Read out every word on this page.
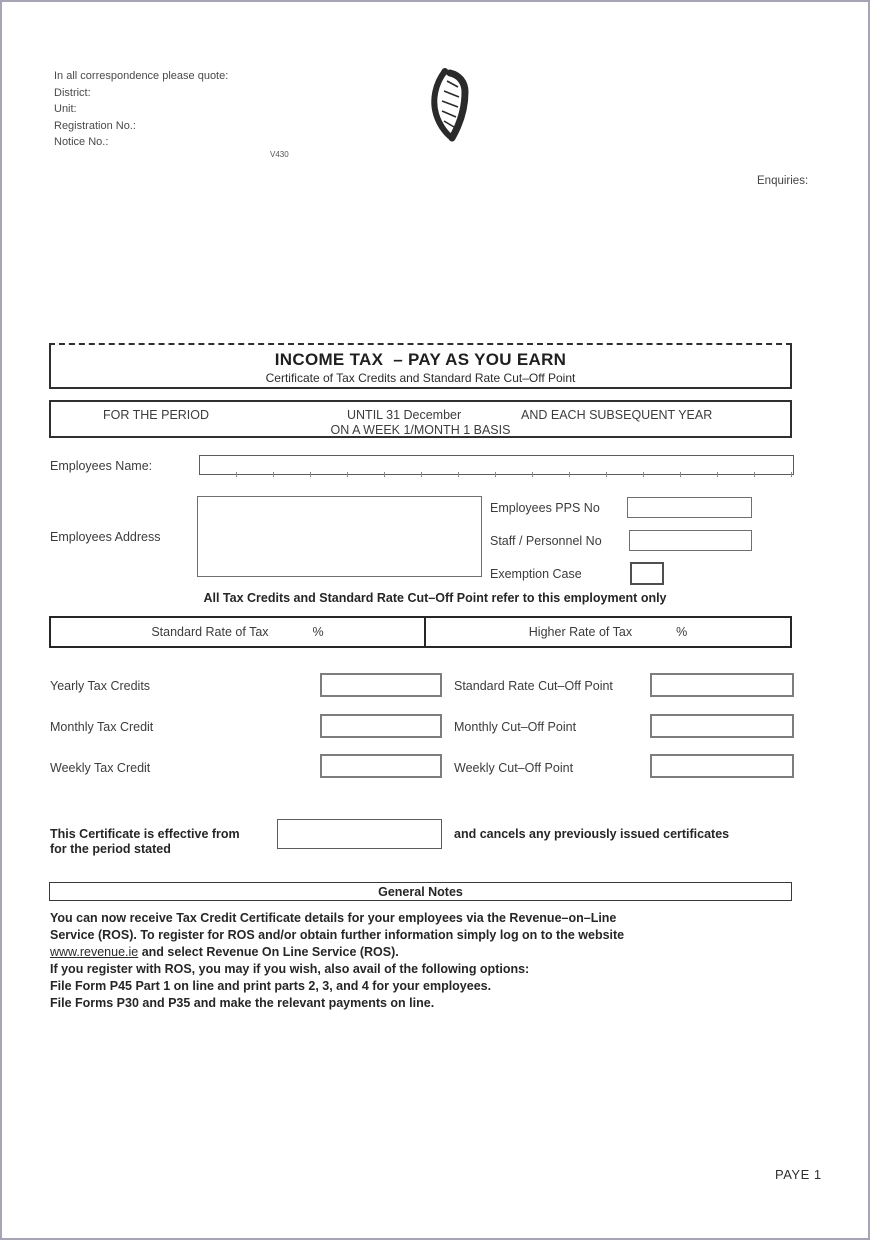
In all correspondence please quote:
District:
Unit:
Registration No.:
Notice No.:
V430
Enquiries:
INCOME TAX  – PAY AS YOU EARN
Certificate of Tax Credits and Standard Rate Cut–Off Point
FOR THE PERIOD	UNTIL 31 December	AND EACH SUBSEQUENT YEAR
ON A WEEK 1/MONTH 1 BASIS
Employees Name:
Employees Address
Employees PPS No
Staff / Personnel No
Exemption Case
All Tax Credits and Standard Rate Cut–Off Point refer to this employment only
Standard Rate of Tax	%	Higher Rate of Tax	%
Yearly Tax Credits	Standard Rate Cut–Off Point
Monthly Tax Credit	Monthly Cut–Off Point
Weekly Tax Credit	Weekly Cut–Off Point
This Certificate is effective from	and cancels any previously issued certificates
for the period stated
General Notes
You can now receive Tax Credit Certificate details for your employees via the Revenue–on–Line
Service (ROS). To register for ROS and/or obtain further information simply log on to the website
www.revenue.ie and select Revenue On Line Service (ROS).
If you register with ROS, you may if you wish, also avail of the following options:
File Form P45 Part 1 on line and print parts 2, 3, and 4 for your employees.
File Forms P30 and P35 and make the relevant payments on line.
PAYE 1
